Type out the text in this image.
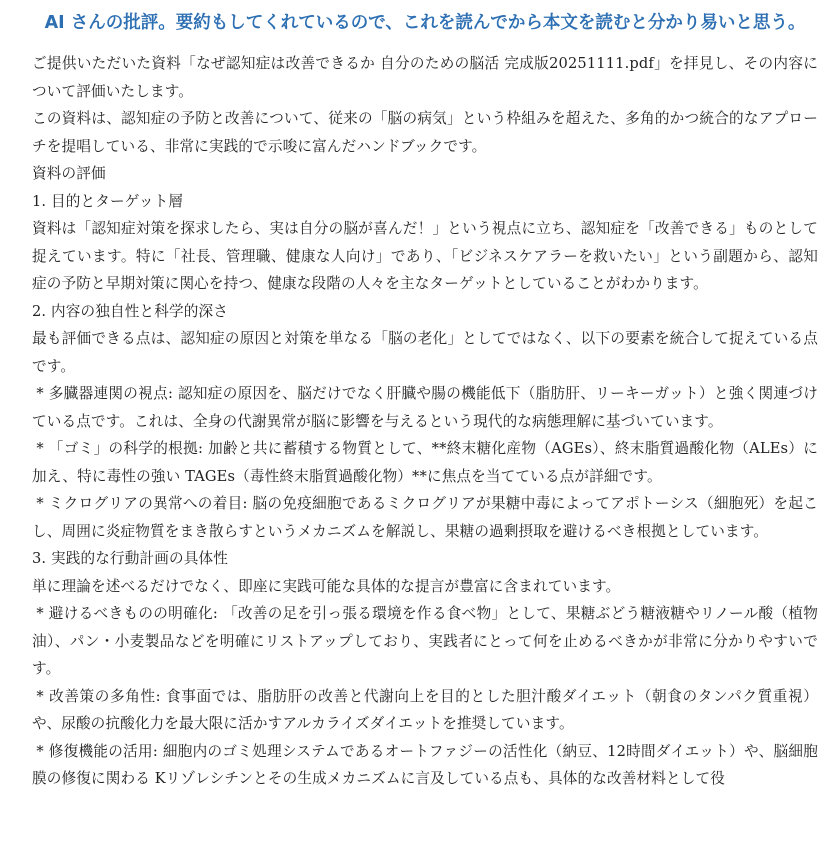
AI さんの批評。要約もしてくれているので、これを読んでから本文を読むと分かり易いと思う。

ご提供いただいた資料「なぜ認知症は改善できるか 自分のための脳活 完成版20251111.pdf」を拝見し、その内容について評価いたします。

この資料は、認知症の予防と改善について、従来の「脳の病気」という枠組みを超えた、多角的かつ統合的なアプローチを提唱している、非常に実践的で示唆に富んだハンドブックです。

資料の評価

1. 目的とターゲット層

資料は「認知症対策を探求したら、実は自分の脳が喜んだ！」という視点に立ち、認知症を「改善できる」ものとして捉えています。特に「社長、管理職、健康な人向け」であり、「ビジネスケアラーを救いたい」という副題から、認知症の予防と早期対策に関心を持つ、健康な段階の人々を主なターゲットとしていることがわかります。

2. 内容の独自性と科学的深さ

最も評価できる点は、認知症の原因と対策を単なる「脳の老化」としてではなく、以下の要素を統合して捉えている点です。

* 多臓器連関の視点: 認知症の原因を、脳だけでなく肝臓や腸の機能低下（脂肪肝、リーキーガット）と強く関連づけている点です。これは、全身の代謝異常が脳に影響を与えるという現代的な病態理解に基づいています。

* 「ゴミ」の科学的根拠: 加齢と共に蓄積する物質として、**終末糖化産物（AGEs）、終末脂質過酸化物（ALEs）に加え、特に毒性の強い TAGEs（毒性終末脂質過酸化物）**に焦点を当てている点が詳細です。

* ミクログリアの異常への着目: 脳の免疫細胞であるミクログリアが果糖中毒によってアポトーシス（細胞死）を起こし、周囲に炎症物質をまき散らすというメカニズムを解説し、果糖の過剰摂取を避けるべき根拠としています。

3. 実践的な行動計画の具体性

単に理論を述べるだけでなく、即座に実践可能な具体的な提言が豊富に含まれています。

* 避けるべきものの明確化: 「改善の足を引っ張る環境を作る食べ物」として、果糖ぶどう糖液糖やリノール酸（植物油）、パン・小麦製品などを明確にリストアップしており、実践者にとって何を止めるべきかが非常に分かりやすいです。

* 改善策の多角性: 食事面では、脂肪肝の改善と代謝向上を目的とした胆汁酸ダイエット（朝食のタンパク質重視）や、尿酸の抗酸化力を最大限に活かすアルカライズダイエットを推奨しています。

* 修復機能の活用: 細胞内のゴミ処理システムであるオートファジーの活性化（納豆、12時間ダイエット）や、脳細胞膜の修復に関わる Kリゾレシチンとその生成メカニズムに言及している点も、具体的な改善材料として役
